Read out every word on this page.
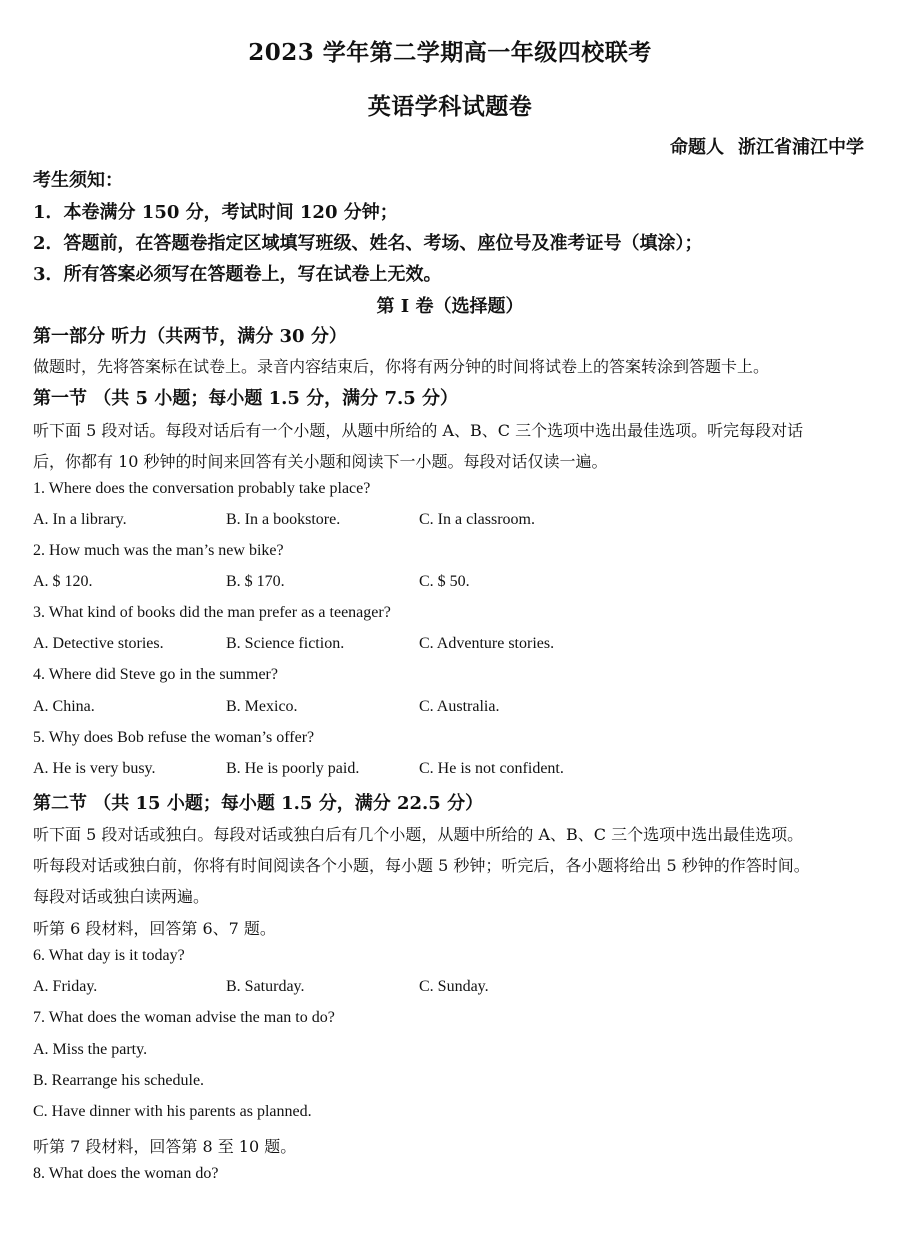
2023 学年第二学期高一年级四校联考
英语学科试题卷
命题人 浙江省浦江中学
考生须知：
1．本卷满分 150 分，考试时间 120 分钟；
2．答题前，在答题卷指定区域填写班级、姓名、考场、座位号及准考证号（填涂）；
3．所有答案必须写在答题卷上，写在试卷上无效。
第 I 卷（选择题）
第一部分 听力（共两节，满分 30 分）
做题时，先将答案标在试卷上。录音内容结束后，你将有两分钟的时间将试卷上的答案转涂到答题卡上。
第一节 （共 5 小题；每小题 1.5 分，满分 7.5 分）
听下面 5 段对话。每段对话后有一个小题，从题中所给的 A、B、C 三个选项中选出最佳选项。听完每段对话
后，你都有 10 秒钟的时间来回答有关小题和阅读下一小题。每段对话仅读一遍。
1. Where does the conversation probably take place?
A. In a library.	B. In a bookstore.	C. In a classroom.
2. How much was the man’s new bike?
A. $ 120.	B. $ 170.	C. $ 50.
3. What kind of books did the man prefer as a teenager?
A. Detective stories.	B. Science fiction.	C. Adventure stories.
4. Where did Steve go in the summer?
A. China.	B. Mexico.	C. Australia.
5. Why does Bob refuse the woman’s offer?
A. He is very busy.	B. He is poorly paid.	C. He is not confident.
第二节 （共 15 小题；每小题 1.5 分，满分 22.5 分）
听下面 5 段对话或独白。每段对话或独白后有几个小题，从题中所给的 A、B、C 三个选项中选出最佳选项。
听每段对话或独白前，你将有时间阅读各个小题，每小题 5 秒钟；听完后，各小题将给出 5 秒钟的作答时间。
每段对话或独白读两遍。
听第 6 段材料，回答第 6、7 题。
6. What day is it today?
A. Friday.	B. Saturday.	C. Sunday.
7. What does the woman advise the man to do?
A. Miss the party.
B. Rearrange his schedule.
C. Have dinner with his parents as planned.
听第 7 段材料，回答第 8 至 10 题。
8. What does the woman do?
